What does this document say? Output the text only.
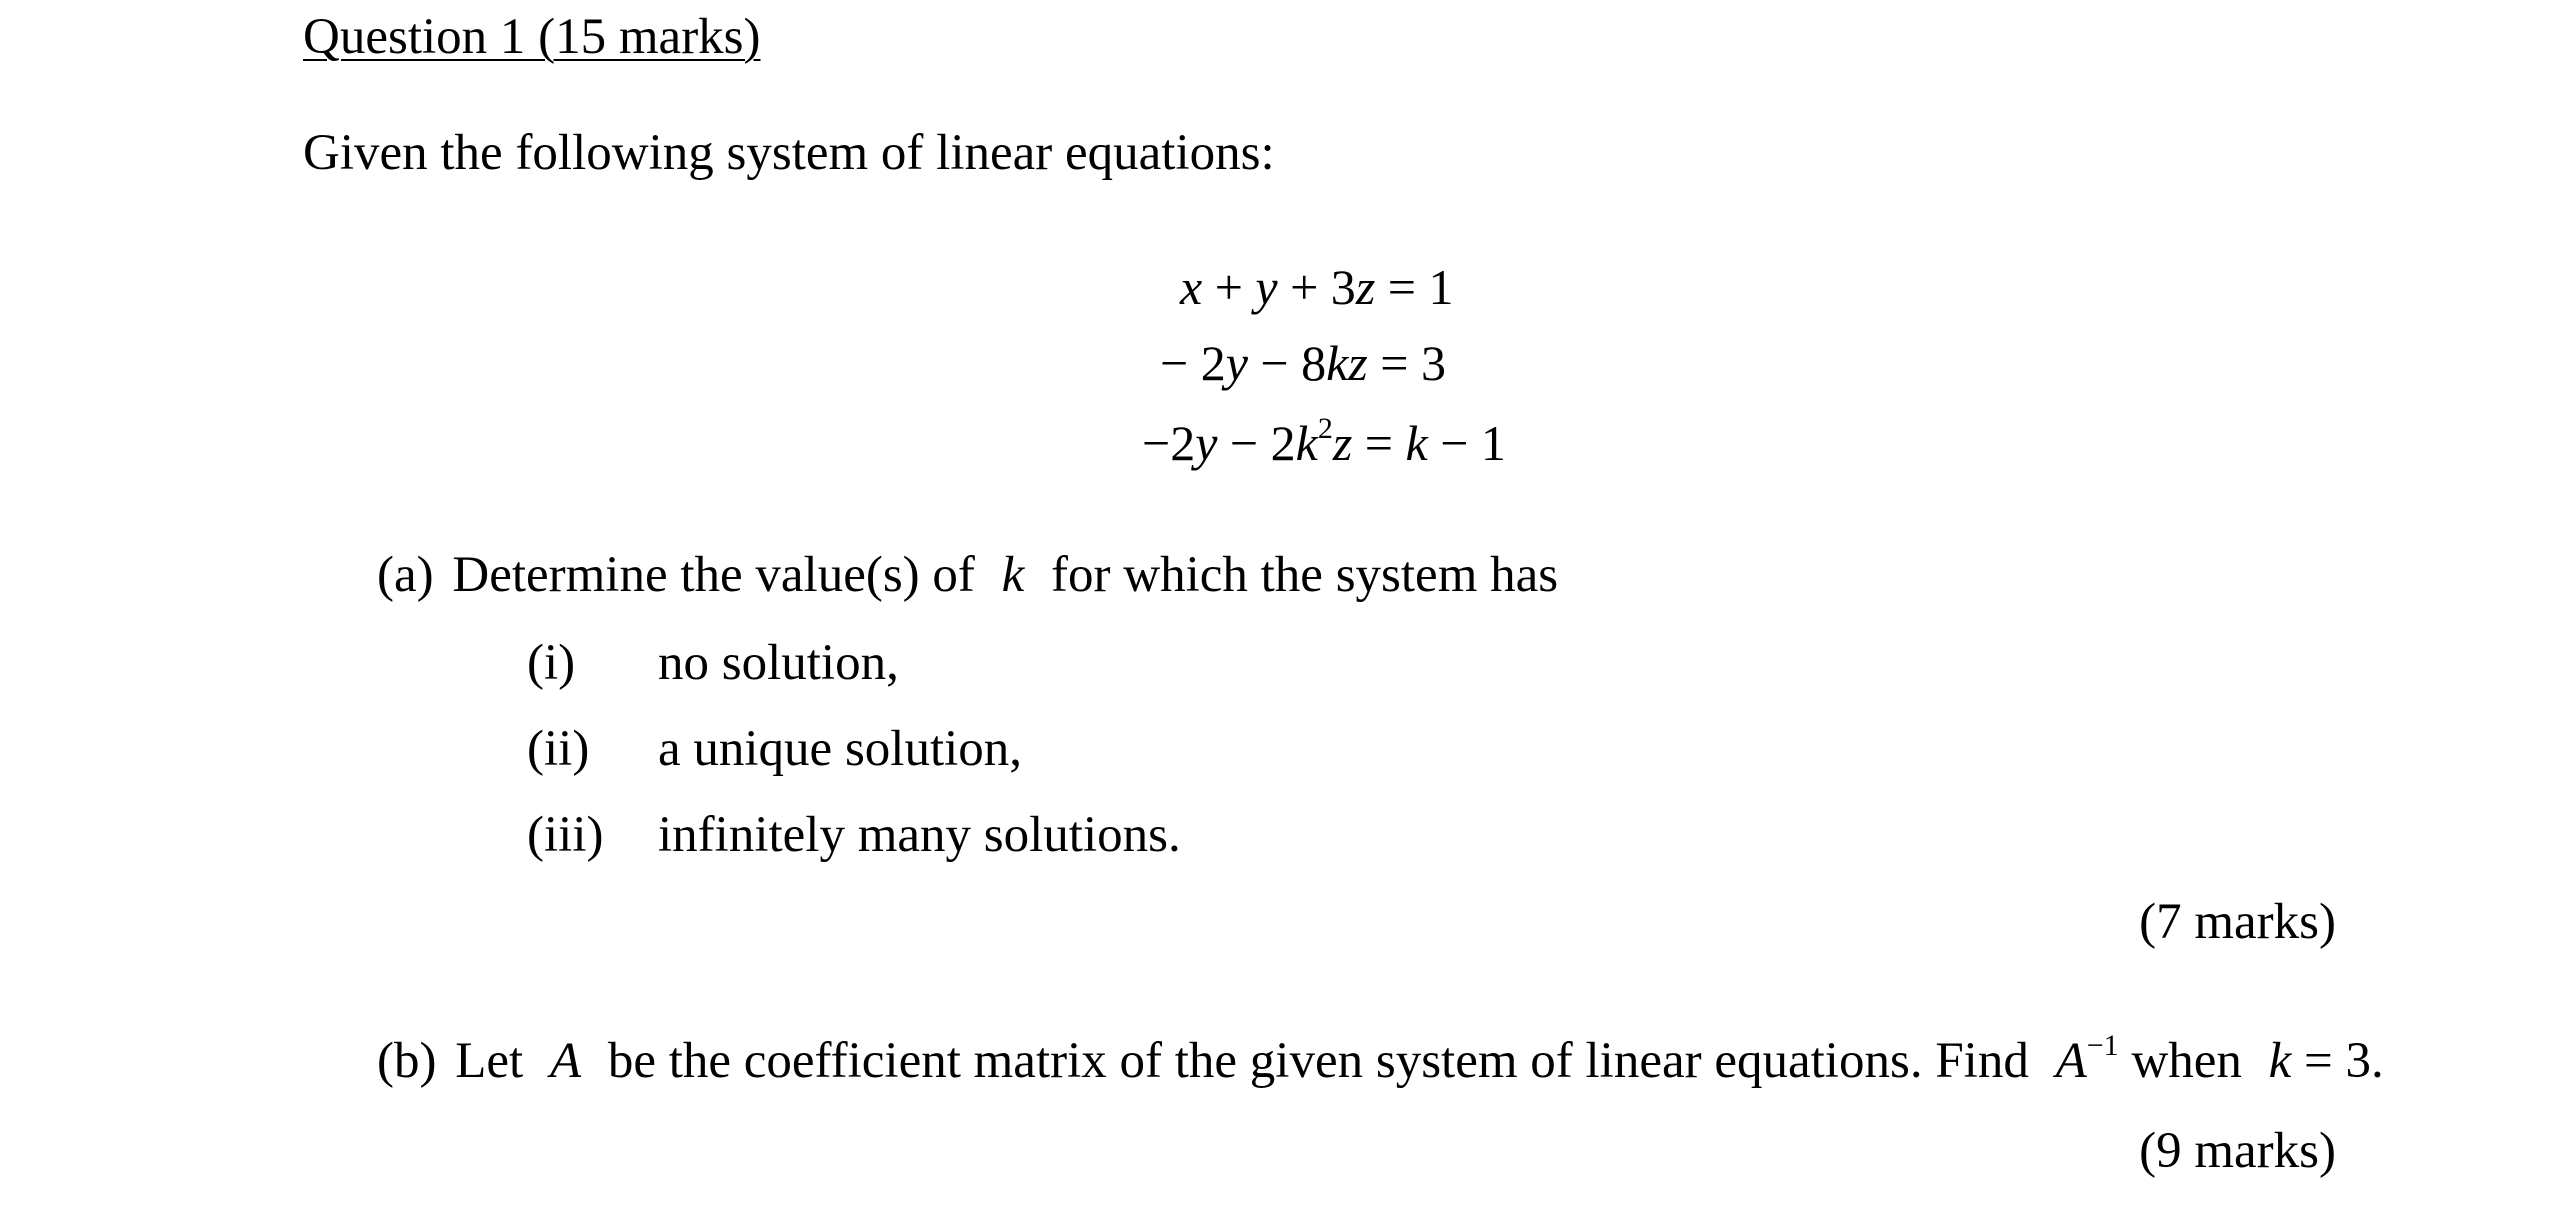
Question 1 (15 marks)
Given the following system of linear equations:
x + y + 3z = 1
− 2y − 8kz = 3
$-2y - 2k^2z = k - 1$
(a) Determine the value(s) of k for which the system has
(i) no solution,
(ii) a unique solution,
(iii) infinitely many solutions.
(7 marks)
(b) Let A be the coefficient matrix of the given system of linear equations. Find $A^{-1}$ when k = 3.
(9 marks)
